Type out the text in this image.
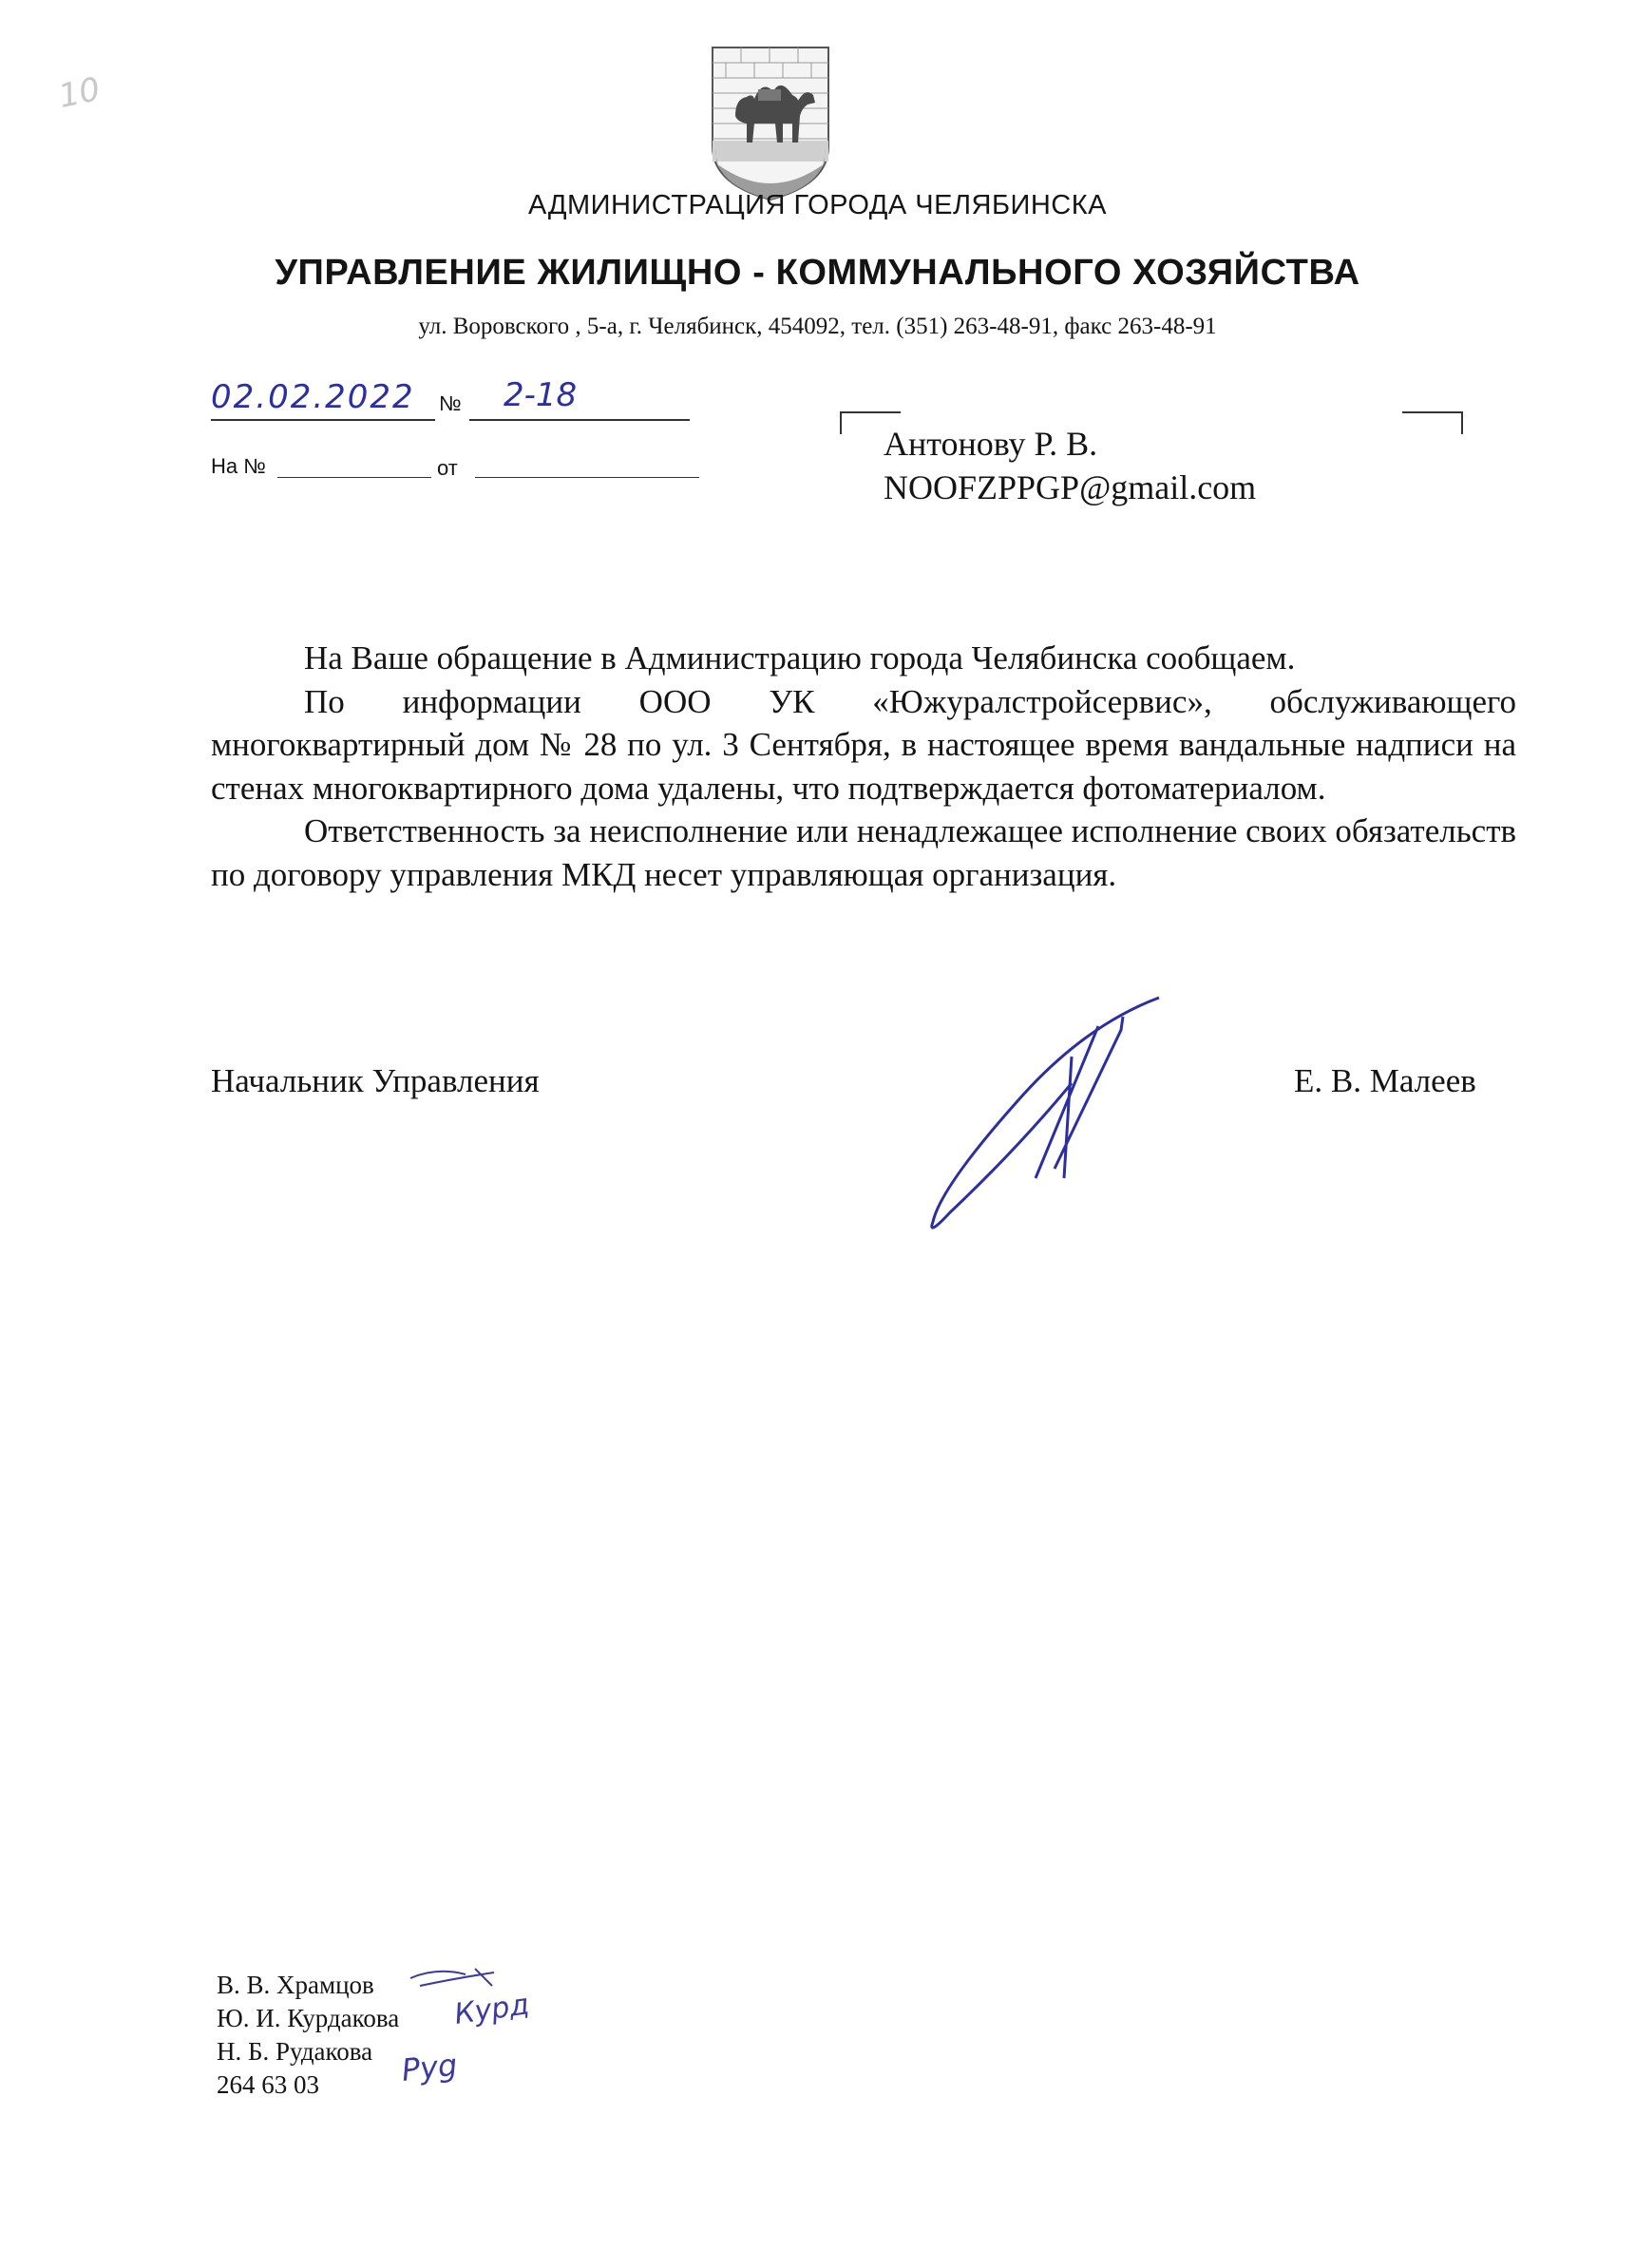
10
АДМИНИСТРАЦИЯ ГОРОДА ЧЕЛЯБИНСКА
УПРАВЛЕНИЕ ЖИЛИЩНО - КОММУНАЛЬНОГО ХОЗЯЙСТВА
ул. Воровского , 5-а, г. Челябинск, 454092, тел. (351) 263-48-91, факс 263-48-91
02.02.2022 № 2-18
На №	от
Антонову Р. В.
NOOFZPPGP@gmail.com

На Ваше обращение в Администрацию города Челябинска сообщаем.

По информации ООО УК «Южуралстройсервис», обслуживающего многоквартирный дом № 28 по ул. 3 Сентября, в настоящее время вандальные надписи на стенах многоквартирного дома удалены, что подтверждается фотоматериалом.

Ответственность за неисполнение или ненадлежащее исполнение своих обязательств по договору управления МКД несет управляющая организация.

Начальник Управления	Е. В. Малеев
В. В. Храмцов
Ю. И. Курдакова
Н. Б. Рудакова
264 63 03
Курд
Рyg
